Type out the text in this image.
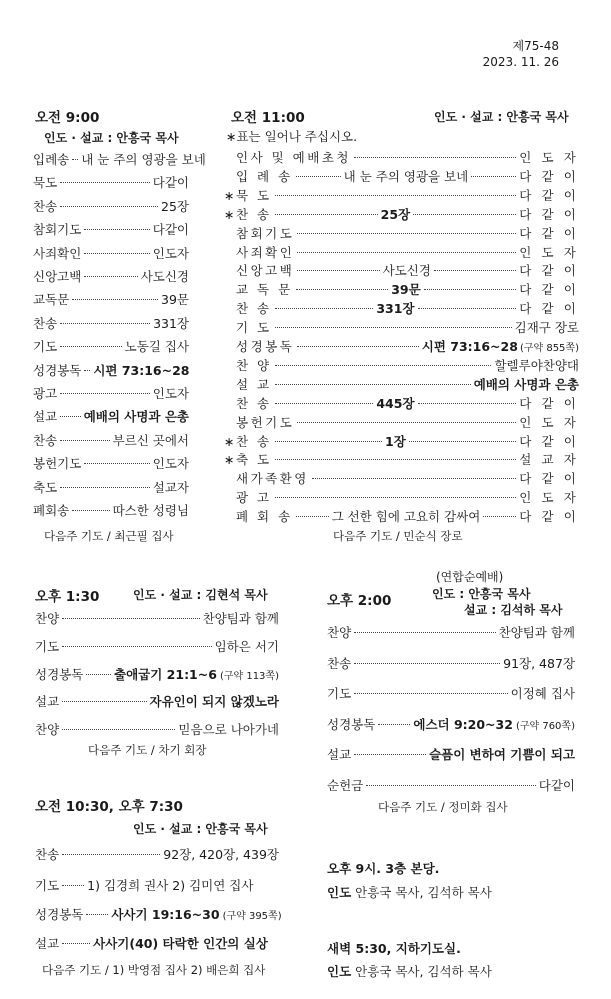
제75-48
2023. 11. 26
오전 9:00
인도 · 설교 : 안흥국 목사
입례송 내 눈 주의 영광을 보네
묵도	다같이
찬송	25장
참회기도	다같이
사죄확인	인도자
신앙고백	사도신경
교독문	39문
찬송	331장
기도	노동길 집사
성경봉독 시편 73:16~28
광고	인도자
설교 예배의 사명과 은총
찬송	부르신 곳에서
봉헌기도	인도자
축도	설교자
폐회송	따스한 성령님
다음주 기도 / 최근필 집사
오전 11:00	인도 · 설교 : 안흥국 목사
∗표는 일어나 주십시오.
인사 및 예배초청	인 도 자
입 례 송	내 눈 주의 영광을 보네	다 같 이
∗ 묵 도	다 같 이
∗ 찬 송	25장	다 같 이
참회기도	다 같 이
사죄확인	인 도 자
신앙고백	사도신경	다 같 이
교 독 문	39문	다 같 이
찬 송	331장	다 같 이
기 도	김재구 장로
성경봉독	시편 73:16~28 (구약 855쪽)
찬 양	할렐루야찬양대
설 교	예배의 사명과 은총
찬 송	445장	다 같 이
봉헌기도	인 도 자
∗ 찬 송	1장	다 같 이
∗ 축 도	설 교 자
새가족환영	다 같 이
광 고	인 도 자
폐 회 송	그 선한 힘에 고요히 감싸여	다 같 이
다음주 기도 / 민순식 장로
오후 1:30	인도 · 설교 : 김현석 목사
찬양	찬양팀과 함께
기도	임하은 서기
성경봉독 출애굽기 21:1~6 (구약 113쪽)
설교	자유인이 되지 않겠노라
찬양	믿음으로 나아가네
다음주 기도 / 차기 회장
(연합순예배)
오후 2:00	인도 : 안흥국 목사
설교 : 김석하 목사
찬양	찬양팀과 함께
찬송	91장, 487장
기도	이정혜 집사
성경봉독	에스더 9:20~32 (구약 760쪽)
설교	슬픔이 변하여 기쁨이 되고
순헌금	다같이
다음주 기도 / 정미화 집사
오전 10:30, 오후 7:30
인도 · 설교 : 안흥국 목사
찬송	92장, 420장, 439장
기도 1) 김경희 권사 2) 김미연 집사
성경봉독 사사기 19:16~30 (구약 395쪽)
설교	사사기(40) 타락한 인간의 실상
다음주 기도 / 1) 박영점 집사 2) 배은희 집사
오후 9시. 3층 본당.
인도 안흥국 목사, 김석하 목사
새벽 5:30, 지하기도실.
인도 안흥국 목사, 김석하 목사
